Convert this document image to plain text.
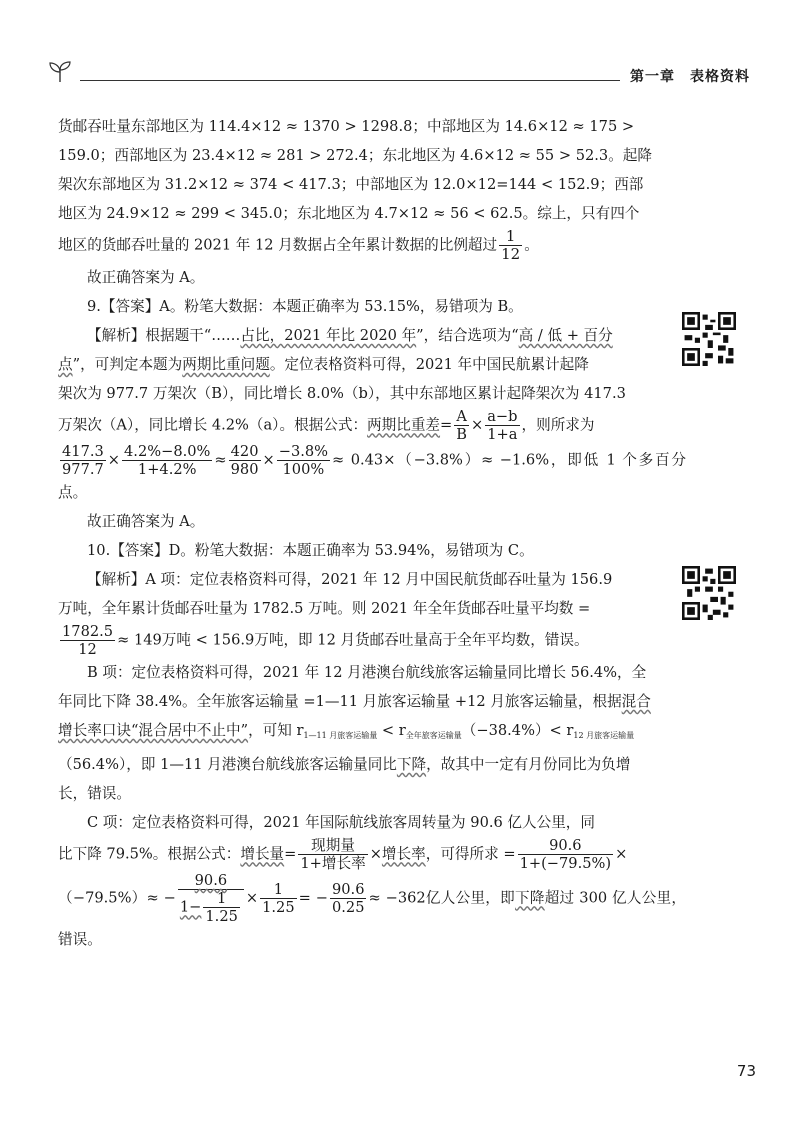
第一章　表格资料

货邮吞吐量东部地区为 114.4×12 ≈ 1370 > 1298.8；中部地区为 14.6×12 ≈ 175 >

159.0；西部地区为 23.4×12 ≈ 281 > 272.4；东北地区为 4.6×12 ≈ 55 > 52.3。起降

架次东部地区为 31.2×12 ≈ 374 < 417.3；中部地区为 12.0×12=144 < 152.9；西部

地区为 24.9×12 ≈ 299 < 345.0；东北地区为 4.7×12 ≈ 56 < 62.5。综上，只有四个

地区的货邮吞吐量的 2021 年 12 月数据占全年累计数据的比例超过 $\frac{1}{12}$ 。

故正确答案为 A。

9.【答案】A。粉笔大数据：本题正确率为 53.15%，易错项为 B。

【解析】根据题干“……占比，2021 年比 2020 年”，结合选项为“高 / 低 + 百分

点”，可判定本题为两期比重问题。定位表格资料可得，2021 年中国民航累计起降

架次为 977.7 万架次（B），同比增长 8.0%（b），其中东部地区累计起降架次为 417.3

万架次（A），同比增长 4.2%（a）。根据公式：两期比重差= $\frac{A}{B} \times \frac{a-b}{1+a}$ ，则所求为

$\frac{417.3}{977.7} \times \frac{4.2\%-8.0\%}{1+4.2\%} \approx \frac{420}{980} \times \frac{-3.8\%}{100\%} \approx 0.43\times(-3.8\%)\approx -1.6\%$，即低 1 个多百分点。

故正确答案为 A。

10.【答案】D。粉笔大数据：本题正确率为 53.94%，易错项为 C。

【解析】A 项：定位表格资料可得，2021 年 12 月中国民航货邮吞吐量为 156.9

万吨，全年累计货邮吞吐量为 1782.5 万吨。则 2021 年全年货邮吞吐量平均数 =

$\frac{1782.5}{12} \approx 149$万吨 < 156.9万吨，即 12 月货邮吞吐量高于全年平均数，错误。

B 项：定位表格资料可得，2021 年 12 月港澳台航线旅客运输量同比增长 56.4%，全

年同比下降 38.4%。全年旅客运输量 =1—11 月旅客运输量 +12 月旅客运输量，根据混合

增长率口诀“混合居中不止中”，可知 $r_{1—11 月旅客运输量} < r_{全年旅客运输量}(-38.4\%)< r_{12 月旅客运输量}$

（56.4%），即 1—11 月港澳台航线旅客运输量同比下降，故其中一定有月份同比为负增

长，错误。

C 项：定位表格资料可得，2021 年国际航线旅客周转量为 90.6 亿人公里，同

比下降 79.5%。根据公式：增长量= $\frac{\text{现期量}}{\text{1+增长率}}$ ×增长率，可得所求 = $\frac{90.6}{1+(-79.5\%)}$ ×

$(-79.5\%)\approx - \frac{90.6}{1- \frac{1}{1.25}} \times \frac{1}{1.25}$ = − $\frac{90.6}{0.25} \approx -362$亿人公里，即下降超过 300 亿人公里，错误。

73
